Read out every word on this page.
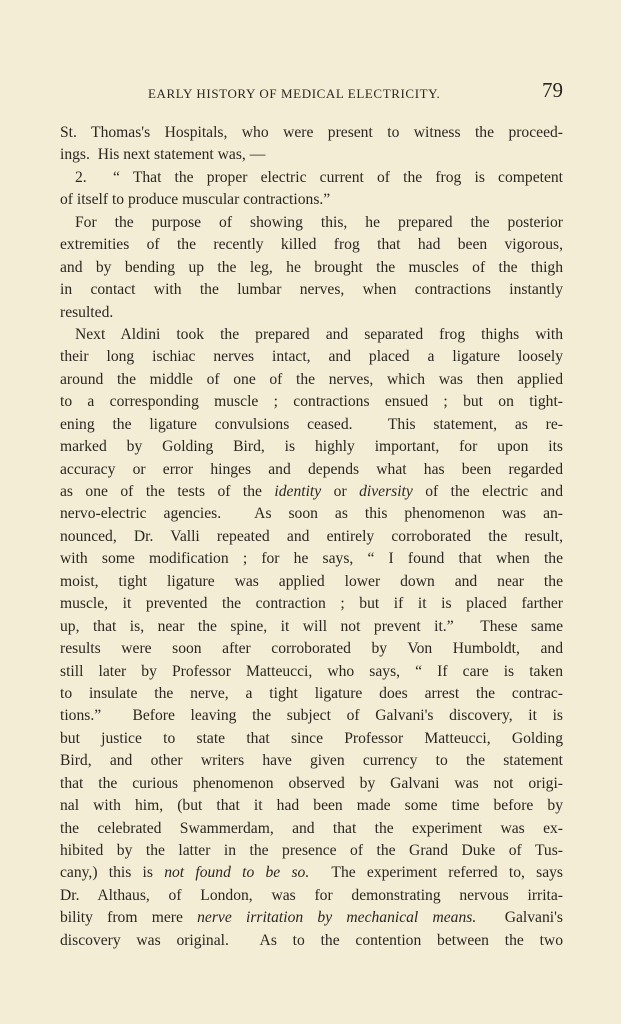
EARLY HISTORY OF MEDICAL ELECTRICITY.	79
St. Thomas's Hospitals, who were present to witness the proceed-
ings.  His next statement was, —
2.  “ That the proper electric current of the frog is competent
of itself to produce muscular contractions.”
For the purpose of showing this, he prepared the posterior
extremities of the recently killed frog that had been vigorous,
and by bending up the leg, he brought the muscles of the thigh
in contact with the lumbar nerves, when contractions instantly
resulted.
Next Aldini took the prepared and separated frog thighs with
their long ischiac nerves intact, and placed a ligature loosely
around the middle of one of the nerves, which was then applied
to a corresponding muscle ; contractions ensued ; but on tight-
ening the ligature convulsions ceased.  This statement, as re-
marked by Golding Bird, is highly important, for upon its
accuracy or error hinges and depends what has been regarded
as one of the tests of the identity or diversity of the electric and
nervo-electric agencies.  As soon as this phenomenon was an-
nounced, Dr. Valli repeated and entirely corroborated the result,
with some modification ; for he says, “ I found that when the
moist, tight ligature was applied lower down and near the
muscle, it prevented the contraction ; but if it is placed farther
up, that is, near the spine, it will not prevent it.”  These same
results were soon after corroborated by Von Humboldt, and
still later by Professor Matteucci, who says, “ If care is taken
to insulate the nerve, a tight ligature does arrest the contrac-
tions.”  Before leaving the subject of Galvani's discovery, it is
but justice to state that since Professor Matteucci, Golding
Bird, and other writers have given currency to the statement
that the curious phenomenon observed by Galvani was not origi-
nal with him, (but that it had been made some time before by
the celebrated Swammerdam, and that the experiment was ex-
hibited by the latter in the presence of the Grand Duke of Tus-
cany,) this is not found to be so.  The experiment referred to, says
Dr. Althaus, of London, was for demonstrating nervous irrita-
bility from mere nerve irritation by mechanical means.  Galvani's
discovery was original.  As to the contention between the two
